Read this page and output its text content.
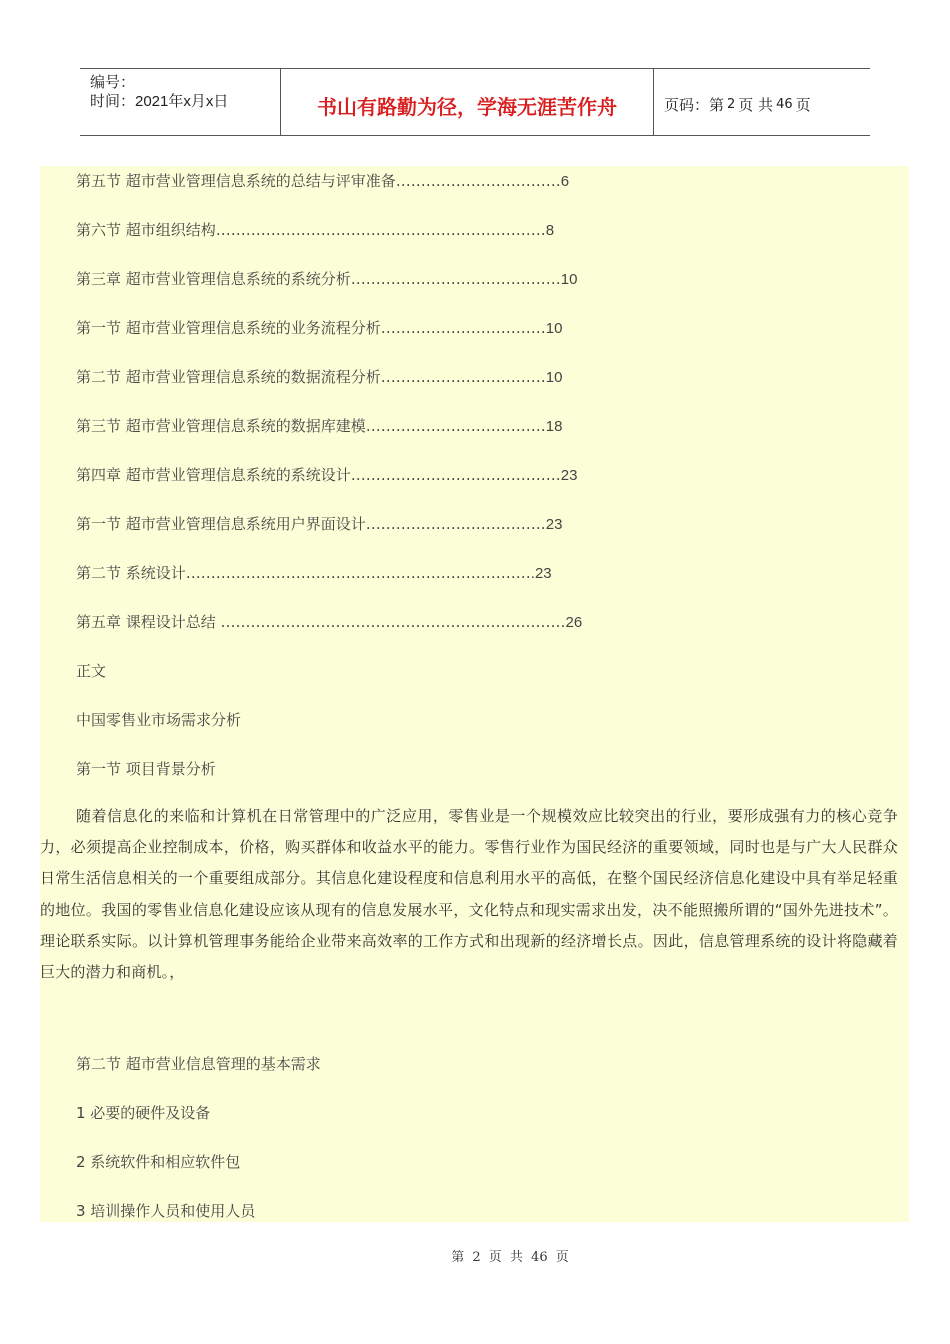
编号：
时间：2021年x月x日	书山有路勤为径，学海无涯苦作舟	页码：第 2 页 共 46 页
第五节 超市营业管理信息系统的总结与评审准备……………………………6
第六节 超市组织结构…………………………………………………………8
第三章 超市营业管理信息系统的系统分析……………………………………10
第一节 超市营业管理信息系统的业务流程分析……………………………10
第二节 超市营业管理信息系统的数据流程分析……………………………10
第三节 超市营业管理信息系统的数据库建模………………………………18
第四章 超市营业管理信息系统的系统设计……………………………………23
第一节 超市营业管理信息系统用户界面设计………………………………23
第二节 系统设计…………………………………………………………….23
第五章 课程设计总结 ……………………………………………………………26
正文
中国零售业市场需求分析
第一节 项目背景分析
随着信息化的来临和计算机在日常管理中的广泛应用，零售业是一个规模效应比较突出的行业，要形成强有力的核心竞争力，必须提高企业控制成本，价格，购买群体和收益水平的能力。零售行业作为国民经济的重要领域，同时也是与广大人民群众日常生活信息相关的一个重要组成部分。其信息化建设程度和信息利用水平的高低，在整个国民经济信息化建设中具有举足轻重的地位。我国的零售业信息化建设应该从现有的信息发展水平，文化特点和现实需求出发，决不能照搬所谓的“国外先进技术”。理论联系实际。以计算机管理事务能给企业带来高效率的工作方式和出现新的经济增长点。因此，信息管理系统的设计将隐藏着巨大的潜力和商机。，
第二节 超市营业信息管理的基本需求
1 必要的硬件及设备
2 系统软件和相应软件包
3 培训操作人员和使用人员
第 2 页 共 46 页
